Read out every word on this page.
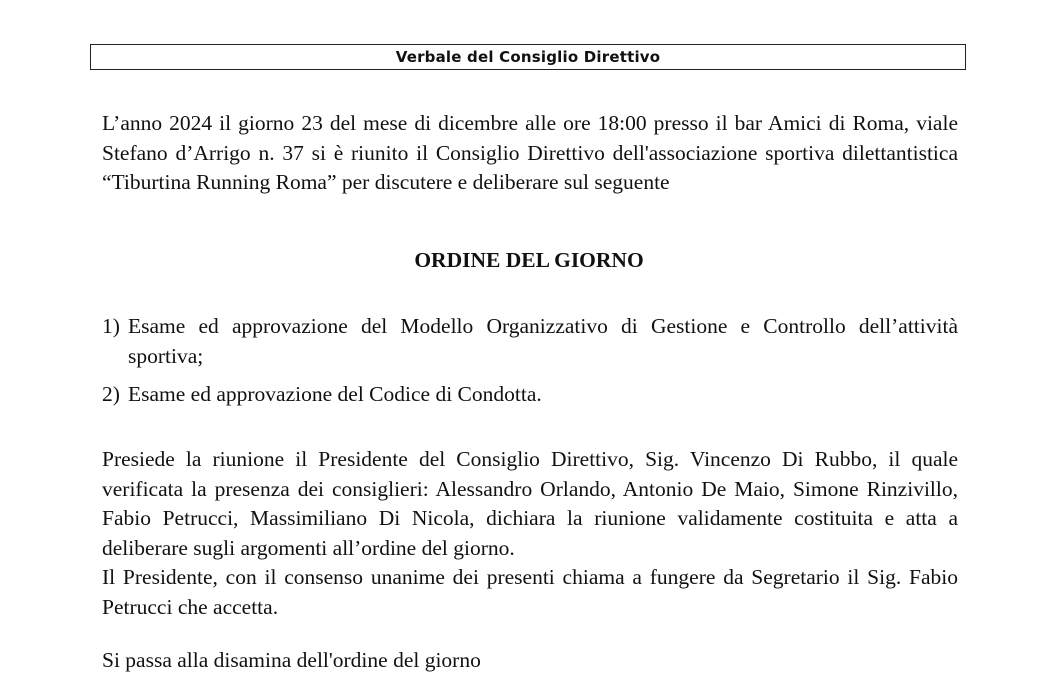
Verbale del Consiglio Direttivo
L’anno 2024 il giorno 23 del mese di dicembre alle ore 18:00 presso il bar Amici di Roma, viale Stefano d’Arrigo n. 37 si è riunito il Consiglio Direttivo dell'associazione sportiva dilettantistica “Tiburtina Running Roma” per discutere e deliberare sul seguente
ORDINE DEL GIORNO
1) Esame ed approvazione del Modello Organizzativo di Gestione e Controllo dell’attività sportiva;
2) Esame ed approvazione del Codice di Condotta.
Presiede la riunione il Presidente del Consiglio Direttivo, Sig. Vincenzo Di Rubbo, il quale verificata la presenza dei consiglieri: Alessandro Orlando, Antonio De Maio, Simone Rinzivillo, Fabio Petrucci, Massimiliano Di Nicola, dichiara la riunione validamente costituita e atta a deliberare sugli argomenti all’ordine del giorno.
Il Presidente, con il consenso unanime dei presenti chiama a fungere da Segretario il Sig. Fabio Petrucci che accetta.
Si passa alla disamina dell'ordine del giorno
